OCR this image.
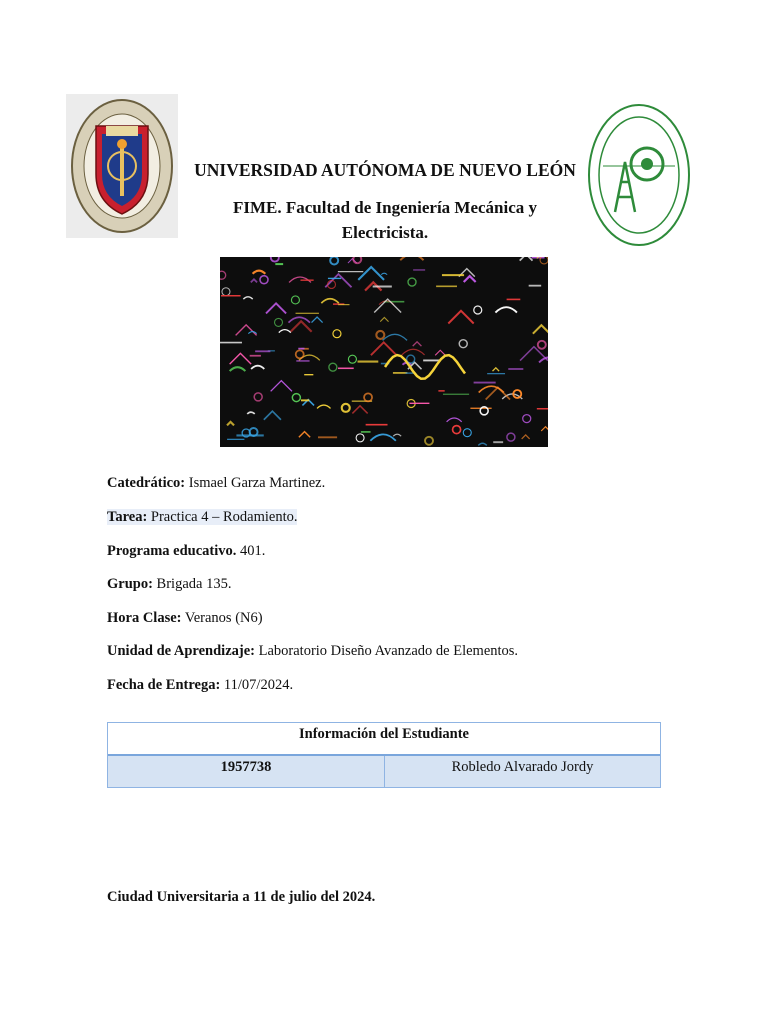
UNIVERSIDAD AUTÓNOMA DE NUEVO LEÓN
FIME. Facultad de Ingeniería Mecánica y Electricista.
Catedrático: Ismael Garza Martinez.
Tarea: Practica 4 – Rodamiento.
Programa educativo. 401.
Grupo: Brigada 135.
Hora Clase: Veranos (N6)
Unidad de Aprendizaje: Laboratorio Diseño Avanzado de Elementos.
Fecha de Entrega: 11/07/2024.
Información del Estudiante
1957738	Robledo Alvarado Jordy
Ciudad Universitaria a 11 de julio del 2024.
